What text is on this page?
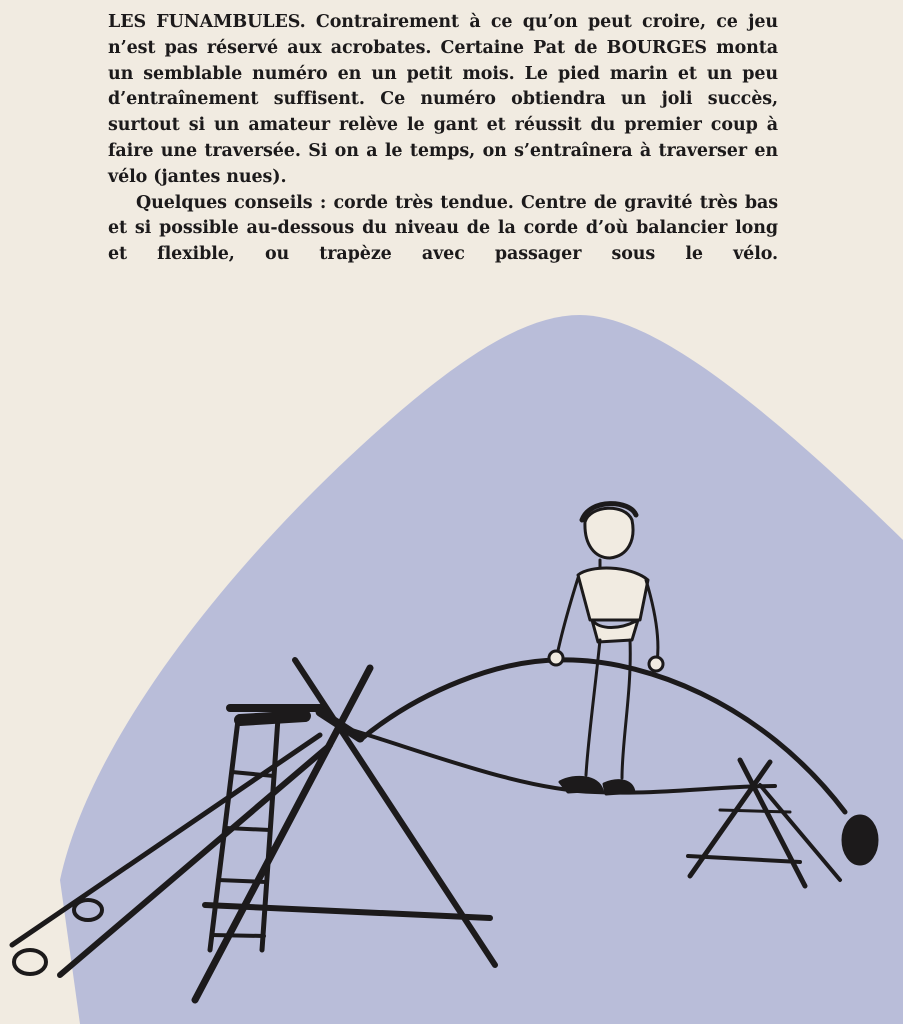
LES FUNAMBULES. Contrairement à ce qu’on peut croire, ce jeu n’est pas réservé aux acrobates. Certaine Pat de BOURGES monta un semblable numéro en un petit mois. Le pied marin et un peu d’entraînement suffisent. Ce numéro obtiendra un joli succès, surtout si un amateur relève le gant et réussit du premier coup à faire une traversée. Si on a le temps, on s’entraînera à traverser en vélo (jantes nues).

Quelques conseils : corde très tendue. Centre de gravité très bas et si possible au-dessous du niveau de la corde d’où balancier long et flexible, ou trapèze avec passager sous le vélo.
